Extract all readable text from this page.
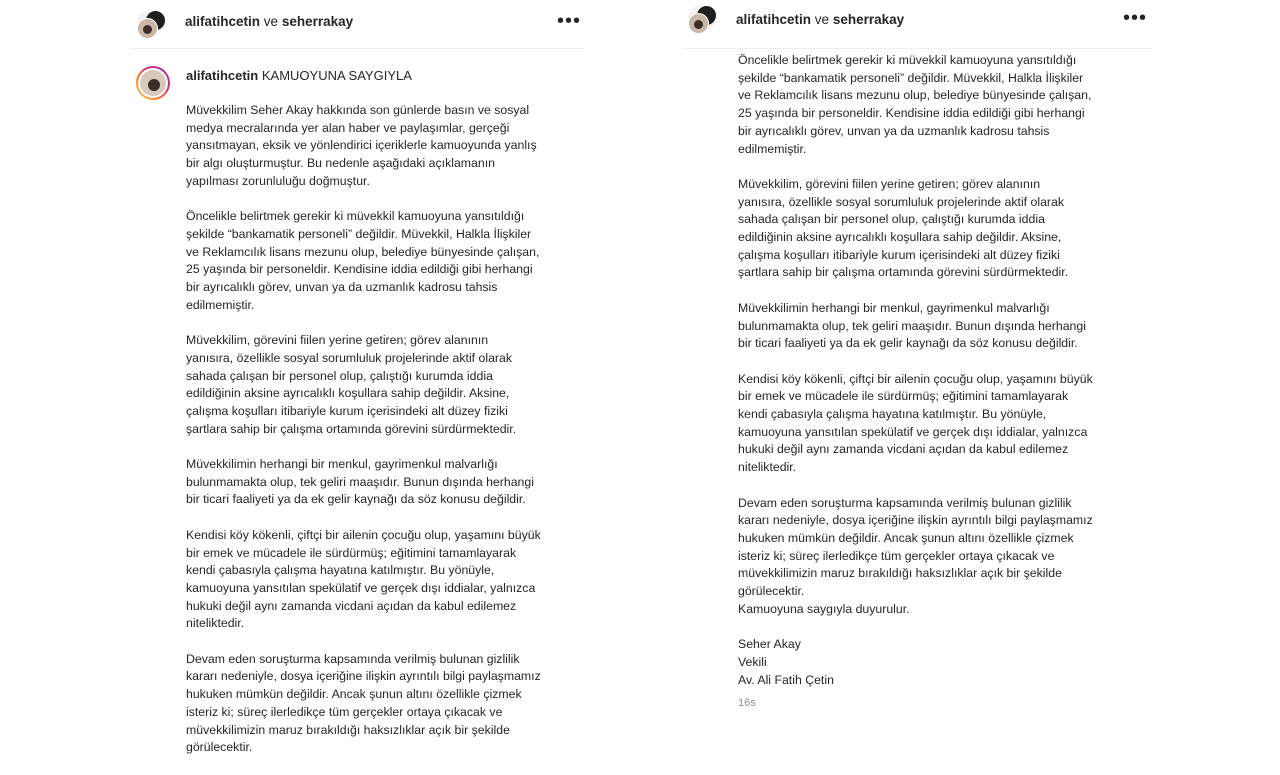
alifatihcetin ve seherrakay	•••
alifatihcetin KAMUOYUNA SAYGIYLA
Müvekkilim Seher Akay hakkında son günlerde basın ve sosyal
medya mecralarında yer alan haber ve paylaşımlar, gerçeği
yansıtmayan, eksik ve yönlendirici içeriklerle kamuoyunda yanlış
bir algı oluşturmuştur. Bu nedenle aşağıdaki açıklamanın
yapılması zorunluluğu doğmuştur.
Öncelikle belirtmek gerekir ki müvekkil kamuoyuna yansıtıldığı
şekilde “bankamatik personeli” değildir. Müvekkil, Halkla İlişkiler
ve Reklamcılık lisans mezunu olup, belediye bünyesinde çalışan,
25 yaşında bir personeldir. Kendisine iddia edildiği gibi herhangi
bir ayrıcalıklı görev, unvan ya da uzmanlık kadrosu tahsis
edilmemiştir.
Müvekkilim, görevini fiilen yerine getiren; görev alanının
yanısıra, özellikle sosyal sorumluluk projelerinde aktif olarak
sahada çalışan bir personel olup, çalıştığı kurumda iddia
edildiğinin aksine ayrıcalıklı koşullara sahip değildir. Aksine,
çalışma koşulları itibariyle kurum içerisindeki alt düzey fiziki
şartlara sahip bir çalışma ortamında görevini sürdürmektedir.
Müvekkilimin herhangi bir menkul, gayrimenkul malvarlığı
bulunmamakta olup, tek geliri maaşıdır. Bunun dışında herhangi
bir ticari faaliyeti ya da ek gelir kaynağı da söz konusu değildir.
Kendisi köy kökenli, çiftçi bir ailenin çocuğu olup, yaşamını büyük
bir emek ve mücadele ile sürdürmüş; eğitimini tamamlayarak
kendi çabasıyla çalışma hayatına katılmıştır. Bu yönüyle,
kamuoyuna yansıtılan spekülatif ve gerçek dışı iddialar, yalnızca
hukuki değil aynı zamanda vicdani açıdan da kabul edilemez
niteliktedir.
Devam eden soruşturma kapsamında verilmiş bulunan gizlilik
kararı nedeniyle, dosya içeriğine ilişkin ayrıntılı bilgi paylaşmamız
hukuken mümkün değildir. Ancak şunun altını özellikle çizmek
isteriz ki; süreç ilerledikçe tüm gerçekler ortaya çıkacak ve
müvekkilimizin maruz bırakıldığı haksızlıklar açık bir şekilde
görülecektir.
alifatihcetin ve seherrakay	•••
Öncelikle belirtmek gerekir ki müvekkil kamuoyuna yansıtıldığı
şekilde “bankamatik personeli” değildir. Müvekkil, Halkla İlişkiler
ve Reklamcılık lisans mezunu olup, belediye bünyesinde çalışan,
25 yaşında bir personeldir. Kendisine iddia edildiği gibi herhangi
bir ayrıcalıklı görev, unvan ya da uzmanlık kadrosu tahsis
edilmemiştir.
Müvekkilim, görevini fiilen yerine getiren; görev alanının
yanısıra, özellikle sosyal sorumluluk projelerinde aktif olarak
sahada çalışan bir personel olup, çalıştığı kurumda iddia
edildiğinin aksine ayrıcalıklı koşullara sahip değildir. Aksine,
çalışma koşulları itibariyle kurum içerisindeki alt düzey fiziki
şartlara sahip bir çalışma ortamında görevini sürdürmektedir.
Müvekkilimin herhangi bir menkul, gayrimenkul malvarlığı
bulunmamakta olup, tek geliri maaşıdır. Bunun dışında herhangi
bir ticari faaliyeti ya da ek gelir kaynağı da söz konusu değildir.
Kendisi köy kökenli, çiftçi bir ailenin çocuğu olup, yaşamını büyük
bir emek ve mücadele ile sürdürmüş; eğitimini tamamlayarak
kendi çabasıyla çalışma hayatına katılmıştır. Bu yönüyle,
kamuoyuna yansıtılan spekülatif ve gerçek dışı iddialar, yalnızca
hukuki değil aynı zamanda vicdani açıdan da kabul edilemez
niteliktedir.
Devam eden soruşturma kapsamında verilmiş bulunan gizlilik
kararı nedeniyle, dosya içeriğine ilişkin ayrıntılı bilgi paylaşmamız
hukuken mümkün değildir. Ancak şunun altını özellikle çizmek
isteriz ki; süreç ilerledikçe tüm gerçekler ortaya çıkacak ve
müvekkilimizin maruz bırakıldığı haksızlıklar açık bir şekilde
görülecektir.
Kamuoyuna saygıyla duyurulur.
Seher Akay
Vekili
Av. Ali Fatih Çetin
16s
